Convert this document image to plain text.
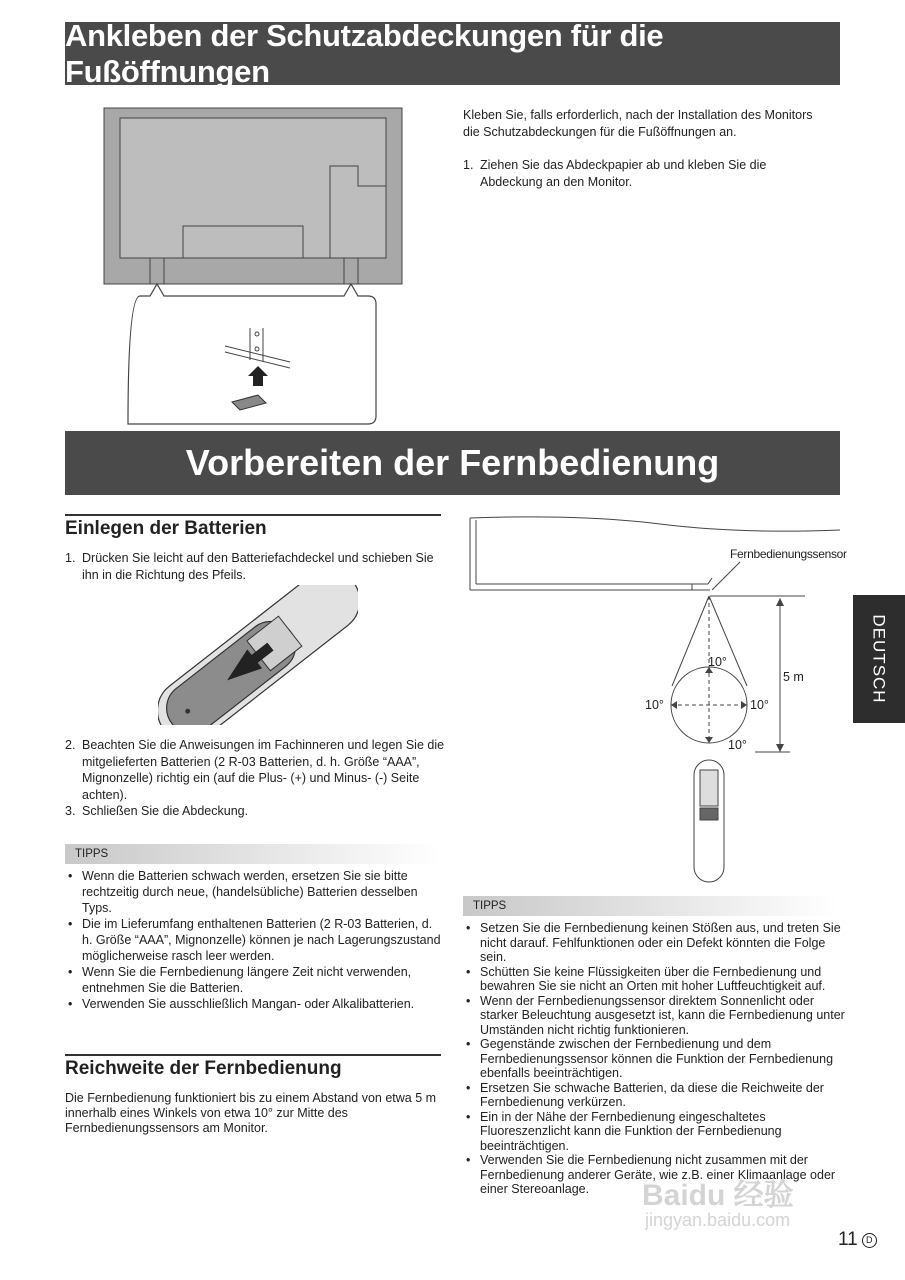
Ankleben der Schutzabdeckungen für die Fußöffnungen

Kleben Sie, falls erforderlich, nach der Installation des Monitors die Schutzabdeckungen für die Fußöffnungen an.

1. Ziehen Sie das Abdeckpapier ab und kleben Sie die Abdeckung an den Monitor.
Vorbereiten der Fernbedienung
Einlegen der Batterien
1. Drücken Sie leicht auf den Batteriefachdeckel und schieben Sie ihn in die Richtung des Pfeils.
2. Beachten Sie die Anweisungen im Fachinneren und legen Sie die mitgelieferten Batterien (2 R-03 Batterien, d. h. Größe “AAA”, Mignonzelle) richtig ein (auf die Plus- (+) und Minus- (-) Seite achten).
3. Schließen Sie die Abdeckung.
TIPPS
• Wenn die Batterien schwach werden, ersetzen Sie sie bitte rechtzeitig durch neue, (handelsübliche) Batterien desselben Typs.
• Die im Lieferumfang enthaltenen Batterien (2 R-03 Batterien, d. h. Größe “AAA”, Mignonzelle) können je nach Lagerungszustand möglicherweise rasch leer werden.
• Wenn Sie die Fernbedienung längere Zeit nicht verwenden, entnehmen Sie die Batterien.
• Verwenden Sie ausschließlich Mangan- oder Alkalibatterien.
Reichweite der Fernbedienung

Die Fernbedienung funktioniert bis zu einem Abstand von etwa 5 m innerhalb eines Winkels von etwa 10° zur Mitte des Fernbedienungssensors am Monitor.

Fernbedienungssensor
5 m
10°
10°	10°
10°
TIPPS
• Setzen Sie die Fernbedienung keinen Stößen aus, und treten Sie nicht darauf. Fehlfunktionen oder ein Defekt könnten die Folge sein.
• Schütten Sie keine Flüssigkeiten über die Fernbedienung und bewahren Sie sie nicht an Orten mit hoher Luftfeuchtigkeit auf.
• Wenn der Fernbedienungssensor direktem Sonnenlicht oder starker Beleuchtung ausgesetzt ist, kann die Fernbedienung unter Umständen nicht richtig funktionieren.
• Gegenstände zwischen der Fernbedienung und dem Fernbedienungssensor können die Funktion der Fernbedienung ebenfalls beeinträchtigen.
• Ersetzen Sie schwache Batterien, da diese die Reichweite der Fernbedienung verkürzen.
• Ein in der Nähe der Fernbedienung eingeschaltetes Fluoreszenzlicht kann die Funktion der Fernbedienung beeinträchtigen.
• Verwenden Sie die Fernbedienung nicht zusammen mit der Fernbedienung anderer Geräte, wie z.B. einer Klimaanlage oder einer Stereoanlage.
DEUTSCH
Baidu 经验
jingyan.baidu.com
11 D
